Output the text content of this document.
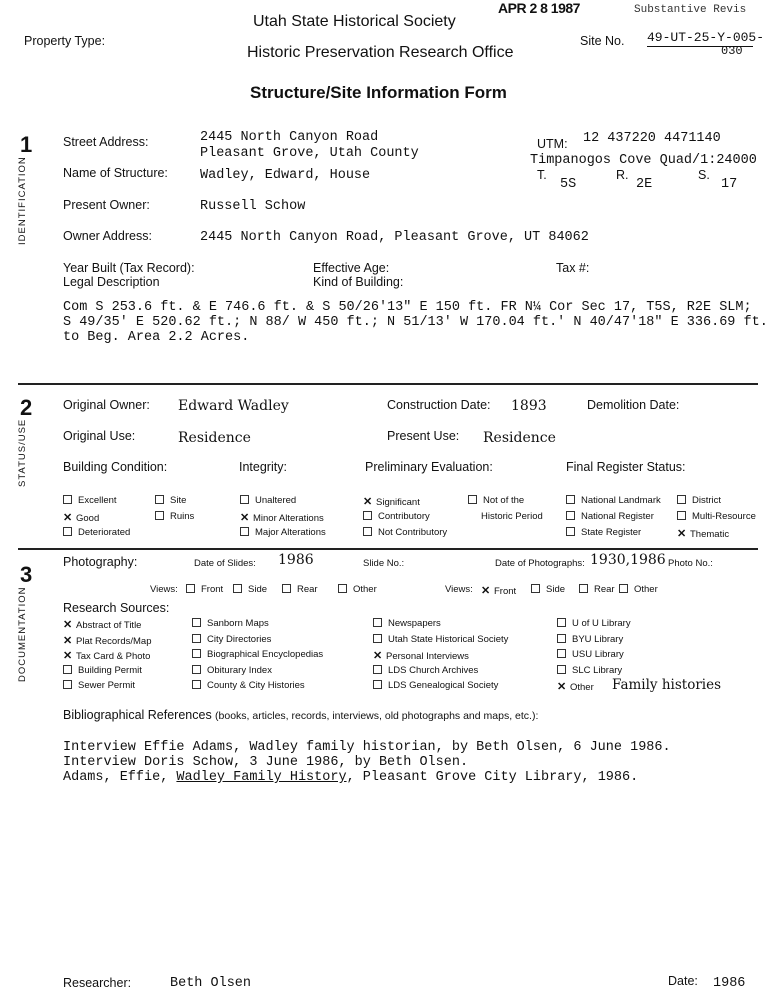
Property Type:
Utah State Historical Society
Historic Preservation Research Office
APR 2 8 1987	Substantive Revis
Site No. 49-UT-25-Y-005-
030
Structure/Site Information Form
1
IDENTIFICATION
Street Address:	2445 North Canyon Road
Pleasant Grove, Utah County
Name of Structure: Wadley, Edward, House
Present Owner:	Russell Schow
Owner Address:	2445 North Canyon Road, Pleasant Grove, UT 84062
UTM: 12 437220 4471140
Timpanogos Cove Quad/1:24000
T.
5S
R.
2E
S.
17
Year Built (Tax Record):
Legal Description
Effective Age:
Kind of Building:
Tax #:
Com S 253.6 ft. & E 746.6 ft. & S 50/26'13" E 150 ft. FR N¼ Cor Sec 17, T5S, R2E SLM;
S 49/35' E 520.62 ft.; N 88/ W 450 ft.; N 51/13' W 170.04 ft.' N 40/47'18" E 336.69 ft.
to Beg. Area 2.2 Acres.
2
STATUS/USE
Original Owner: Edward Wadley	Construction Date: 1893	Demolition Date:
Original Use:	Residence	Present Use: Residence
Building Condition:	Integrity:	Preliminary Evaluation:	Final Register Status:
Not of the
Historic Period
3
DOCUMENTATION
Photography:	Date of Slides: 1986	Slide No.:	Date of Photographs: 1930,1986 Photo No.:
Views:	Views:
Research Sources:
Family histories
Bibliographical References (books, articles, records, interviews, old photographs and maps, etc.):
Interview Effie Adams, Wadley family historian, by Beth Olsen, 6 June 1986.
Interview Doris Schow, 3 June 1986, by Beth Olsen.
Adams, Effie, Wadley Family History, Pleasant Grove City Library, 1986.
Researcher:	Beth Olsen	Date: 1986
Excellent
✕ Good
Deteriorated
Site
Ruins
Unaltered
✕ Minor Alterations
Major Alterations
✕ Significant
Contributory
Not Contributory
National Landmark
National Register
State Register
District
Multi-Resource
✕ Thematic
✕ Abstract of Title
✕ Plat Records/Map
✕ Tax Card & Photo
Building Permit
Sewer Permit
Sanborn Maps
City Directories
Biographical Encyclopedias
Obiturary Index
County & City Histories
Newspapers
Utah State Historical Society
✕ Personal Interviews
LDS Church Archives
LDS Genealogical Society
U of U Library
BYU Library
USU Library
SLC Library
✕ Other
Front	Side	Rear	Other	✕ Front	Side	Rear	Other
